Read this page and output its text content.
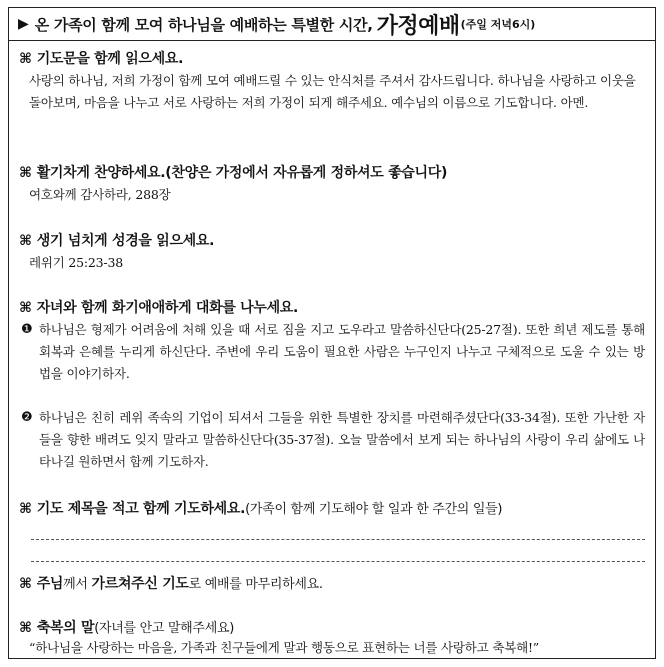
▶ 온 가족이 함께 모여 하나님을 예배하는 특별한 시간, 가정예배 (주일 저녁6시)
⌘ 기도문을 함께 읽으세요.
사랑의 하나님, 저희 가정이 함께 모여 예배드릴 수 있는 안식처를 주셔서 감사드립니다. 하나님을 사랑하고 이웃을 돌아보며, 마음을 나누고 서로 사랑하는 저희 가정이 되게 해주세요. 예수님의 이름으로 기도합니다. 아멘.
⌘ 활기차게 찬양하세요.(찬양은 가정에서 자유롭게 정하셔도 좋습니다)
여호와께 감사하라, 288장
⌘ 생기 넘치게 성경을 읽으세요.
레위기 25:23-38
⌘ 자녀와 함께 화기애애하게 대화를 나누세요.
❶ 하나님은 형제가 어려움에 처해 있을 때 서로 짐을 지고 도우라고 말씀하신단다(25-27절). 또한 희년 제도를 통해 회복과 은혜를 누리게 하신단다. 주변에 우리 도움이 필요한 사람은 누구인지 나누고 구체적으로 도울 수 있는 방법을 이야기하자.
❷ 하나님은 친히 레위 족속의 기업이 되셔서 그들을 위한 특별한 장치를 마련해주셨단다(33-34절). 또한 가난한 자들을 향한 배려도 잊지 말라고 말씀하신단다(35-37절). 오늘 말씀에서 보게 되는 하나님의 사랑이 우리 삶에도 나타나길 원하면서 함께 기도하자.
⌘ 기도 제목을 적고 함께 기도하세요.(가족이 함께 기도해야 할 일과 한 주간의 일들)
⌘ 주님께서 가르쳐주신 기도로 예배를 마무리하세요.
⌘ 축복의 말(자녀를 안고 말해주세요)
“하나님을 사랑하는 마음을, 가족과 친구들에게 말과 행동으로 표현하는 너를 사랑하고 축복해!”
